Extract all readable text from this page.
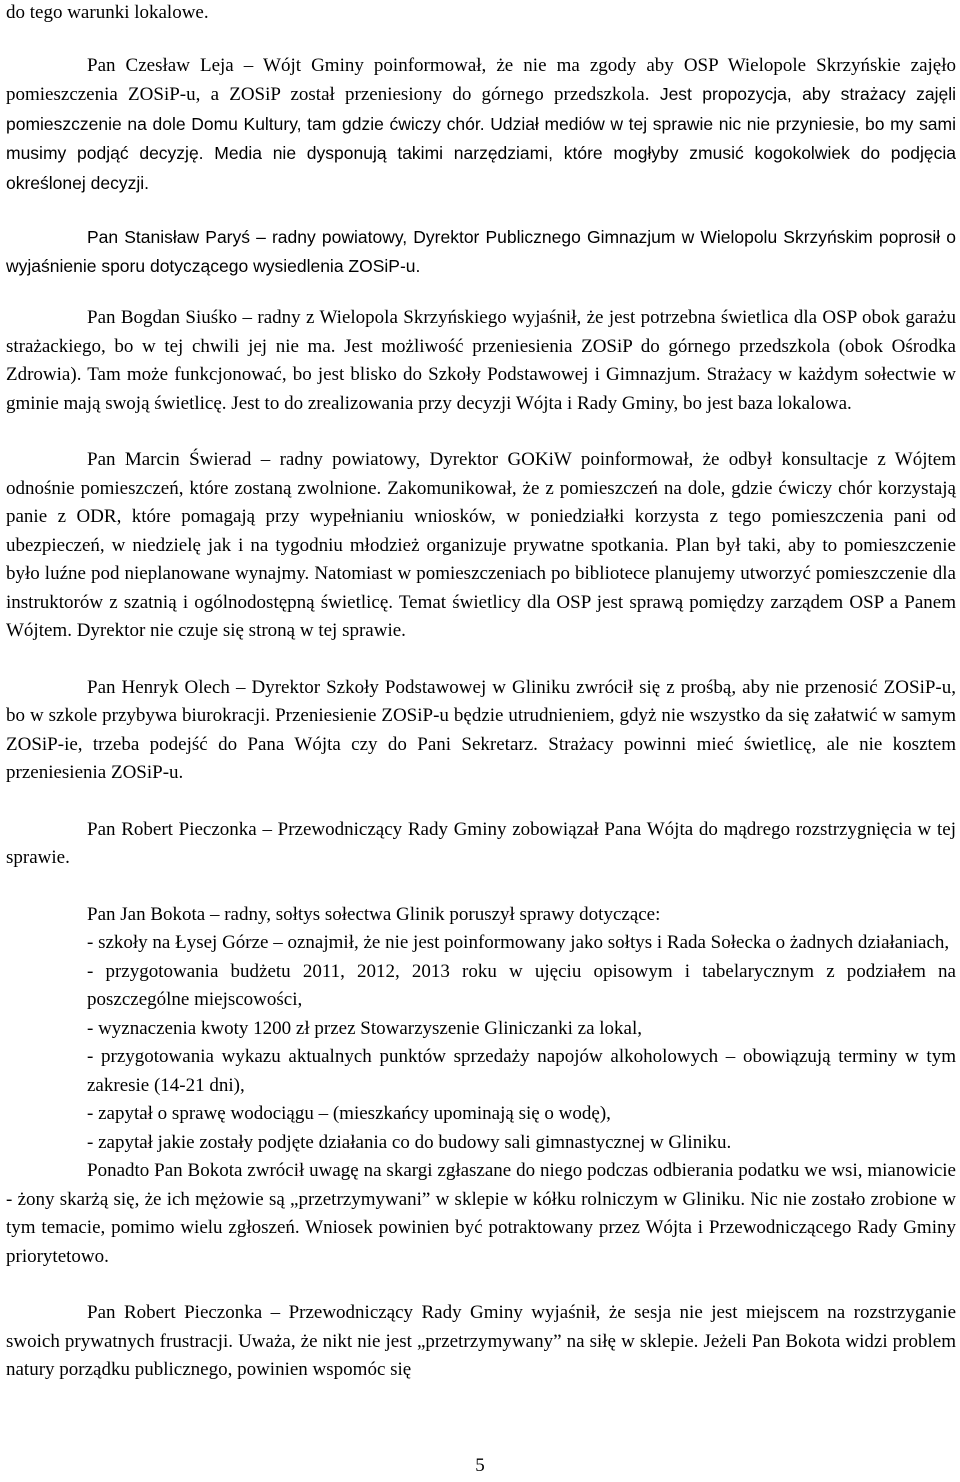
do tego warunki lokalowe.

Pan Czesław Leja – Wójt Gminy poinformował, że nie ma zgody aby OSP Wielopole Skrzyńskie zajęło pomieszczenia ZOSiP-u, a ZOSiP został przeniesiony do górnego przedszkola. Jest propozycja, aby strażacy zajęli pomieszczenie na dole Domu Kultury, tam gdzie ćwiczy chór. Udział mediów w tej sprawie nic nie przyniesie, bo my sami musimy podjąć decyzję. Media nie dysponują takimi narzędziami, które mogłyby zmusić kogokolwiek do podjęcia określonej decyzji.

Pan Stanisław Paryś – radny powiatowy, Dyrektor Publicznego Gimnazjum w Wielopolu Skrzyńskim poprosił o wyjaśnienie sporu dotyczącego wysiedlenia ZOSiP-u.

Pan Bogdan Siuśko – radny z Wielopola Skrzyńskiego wyjaśnił, że jest potrzebna świetlica dla OSP obok garażu strażackiego, bo w tej chwili jej nie ma. Jest możliwość przeniesienia ZOSiP do górnego przedszkola (obok Ośrodka Zdrowia). Tam może funkcjonować, bo jest blisko do Szkoły Podstawowej i Gimnazjum. Strażacy w każdym sołectwie w gminie mają swoją świetlicę. Jest to do zrealizowania przy decyzji Wójta i Rady Gminy, bo jest baza lokalowa.

Pan Marcin Świerad – radny powiatowy, Dyrektor GOKiW poinformował, że odbył konsultacje z Wójtem odnośnie pomieszczeń, które zostaną zwolnione. Zakomunikował, że z pomieszczeń na dole, gdzie ćwiczy chór korzystają panie z ODR, które pomagają przy wypełnianiu wniosków, w poniedziałki korzysta z tego pomieszczenia pani od ubezpieczeń, w niedzielę jak i na tygodniu młodzież organizuje prywatne spotkania. Plan był taki, aby to pomieszczenie było luźne pod nieplanowane wynajmy. Natomiast w pomieszczeniach po bibliotece planujemy utworzyć pomieszczenie dla instruktorów z szatnią i ogólnodostępną świetlicę. Temat świetlicy dla OSP jest sprawą pomiędzy zarządem OSP a Panem Wójtem. Dyrektor nie czuje się stroną w tej sprawie.

Pan Henryk Olech – Dyrektor Szkoły Podstawowej w Gliniku zwrócił się z prośbą, aby nie przenosić ZOSiP-u, bo w szkole przybywa biurokracji. Przeniesienie ZOSiP-u będzie utrudnieniem, gdyż nie wszystko da się załatwić w samym ZOSiP-ie, trzeba podejść do Pana Wójta czy do Pani Sekretarz. Strażacy powinni mieć świetlicę, ale nie kosztem przeniesienia ZOSiP-u.

Pan Robert Pieczonka – Przewodniczący Rady Gminy zobowiązał Pana Wójta do mądrego rozstrzygnięcia w tej sprawie.

Pan Jan Bokota – radny, sołtys sołectwa Glinik poruszył sprawy dotyczące:

- szkoły na Łysej Górze – oznajmił, że nie jest poinformowany jako sołtys i Rada Sołecka o żadnych działaniach,

- przygotowania budżetu 2011, 2012, 2013 roku w ujęciu opisowym i tabelarycznym z podziałem na poszczególne miejscowości,

- wyznaczenia kwoty 1200 zł przez Stowarzyszenie Gliniczanki za lokal,

- przygotowania wykazu aktualnych punktów sprzedaży napojów alkoholowych – obowiązują terminy w tym zakresie (14-21 dni),

- zapytał o sprawę wodociągu – (mieszkańcy upominają się o wodę),

- zapytał jakie zostały podjęte działania co do budowy sali gimnastycznej w Gliniku.

Ponadto Pan Bokota zwrócił uwagę na skargi zgłaszane do niego podczas odbierania podatku we wsi, mianowicie - żony skarżą się, że ich mężowie są „przetrzymywani” w sklepie w kółku rolniczym w Gliniku. Nic nie zostało zrobione w tym temacie, pomimo wielu zgłoszeń. Wniosek powinien być potraktowany przez Wójta i Przewodniczącego Rady Gminy priorytetowo.

Pan Robert Pieczonka – Przewodniczący Rady Gminy wyjaśnił, że sesja nie jest miejscem na rozstrzyganie swoich prywatnych frustracji. Uważa, że nikt nie jest „przetrzymywany” na siłę w sklepie. Jeżeli Pan Bokota widzi problem natury porządku publicznego, powinien wspomóc się

5
